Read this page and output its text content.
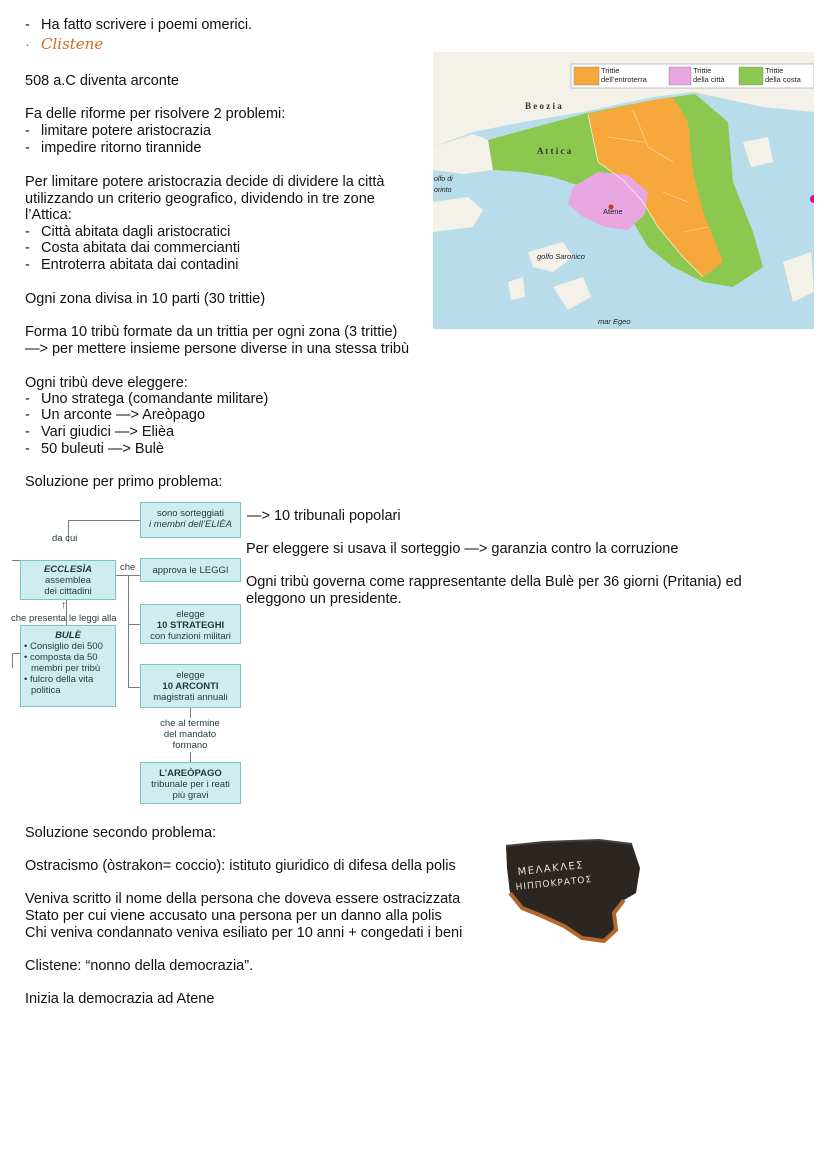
- Ha fatto scrivere i poemi omerici.
· Clistene
508 a.C diventa arconte
Fa delle riforme per risolvere 2 problemi:
- limitare potere aristocrazia
- impedire ritorno tirannide
Per limitare potere aristocrazia decide di dividere la città
utilizzando un criterio geografico, dividendo in tre zone
l’Attica:
- Città abitata dagli aristocratici
- Costa abitata dai commercianti
- Entroterra abitata dai contadini
Ogni zona divisa in 10 parti (30 trittie)
Forma 10 tribù formate da un trittia per ogni zona (3 trittie)
—> per mettere insieme persone diverse in una stessa tribù
Ogni tribù deve eleggere:
- Uno stratega (comandante militare)
- Un arconte —> Areòpago
- Vari giudici —> Elièa
- 50 buleuti —> Bulè
Soluzione per primo problema:
Trittie
dell’entroterra
Trittie
della città
Trittie
della costa
B e o z i a
A t t i c a
Atene
golfo Saronico
olfo di
orinto
mar Egeo
sono sorteggiati
i membri dell’ELIÈA
da cui
ECCLESÌA
assemblea
dei cittadini
che	approva le LEGGI
↑
che presenta le leggi alla
BULÈ
• Consiglio dei 500
• composta da 50
membri per tribù
• fulcro della vita
politica
elegge
10 STRATEGHI
con funzioni militari
elegge
10 ARCONTI
magistrati annuali
che al termine
del mandato
formano
L’AREÒPAGO
tribunale per i reati
più gravi
—> 10 tribunali popolari
Per eleggere si usava il sorteggio —> garanzia contro la corruzione
Ogni tribù governa come rappresentante della Bulè per 36 giorni (Pritania) ed
eleggono un presidente.
Soluzione secondo problema:
Ostracismo (òstrakon= coccio): istituto giuridico di difesa della polis
Veniva scritto il nome della persona che doveva essere ostracizzata
Stato per cui viene accusato una persona per un danno alla polis
Chi veniva condannato veniva esiliato per 10 anni + congedati i beni
Clistene: “nonno della democrazia”.
Inizia la democrazia ad Atene
ΜΕΛΑΚΛΕΣ
ΗΙΠΠΟΚΡΑΤΟΣ
